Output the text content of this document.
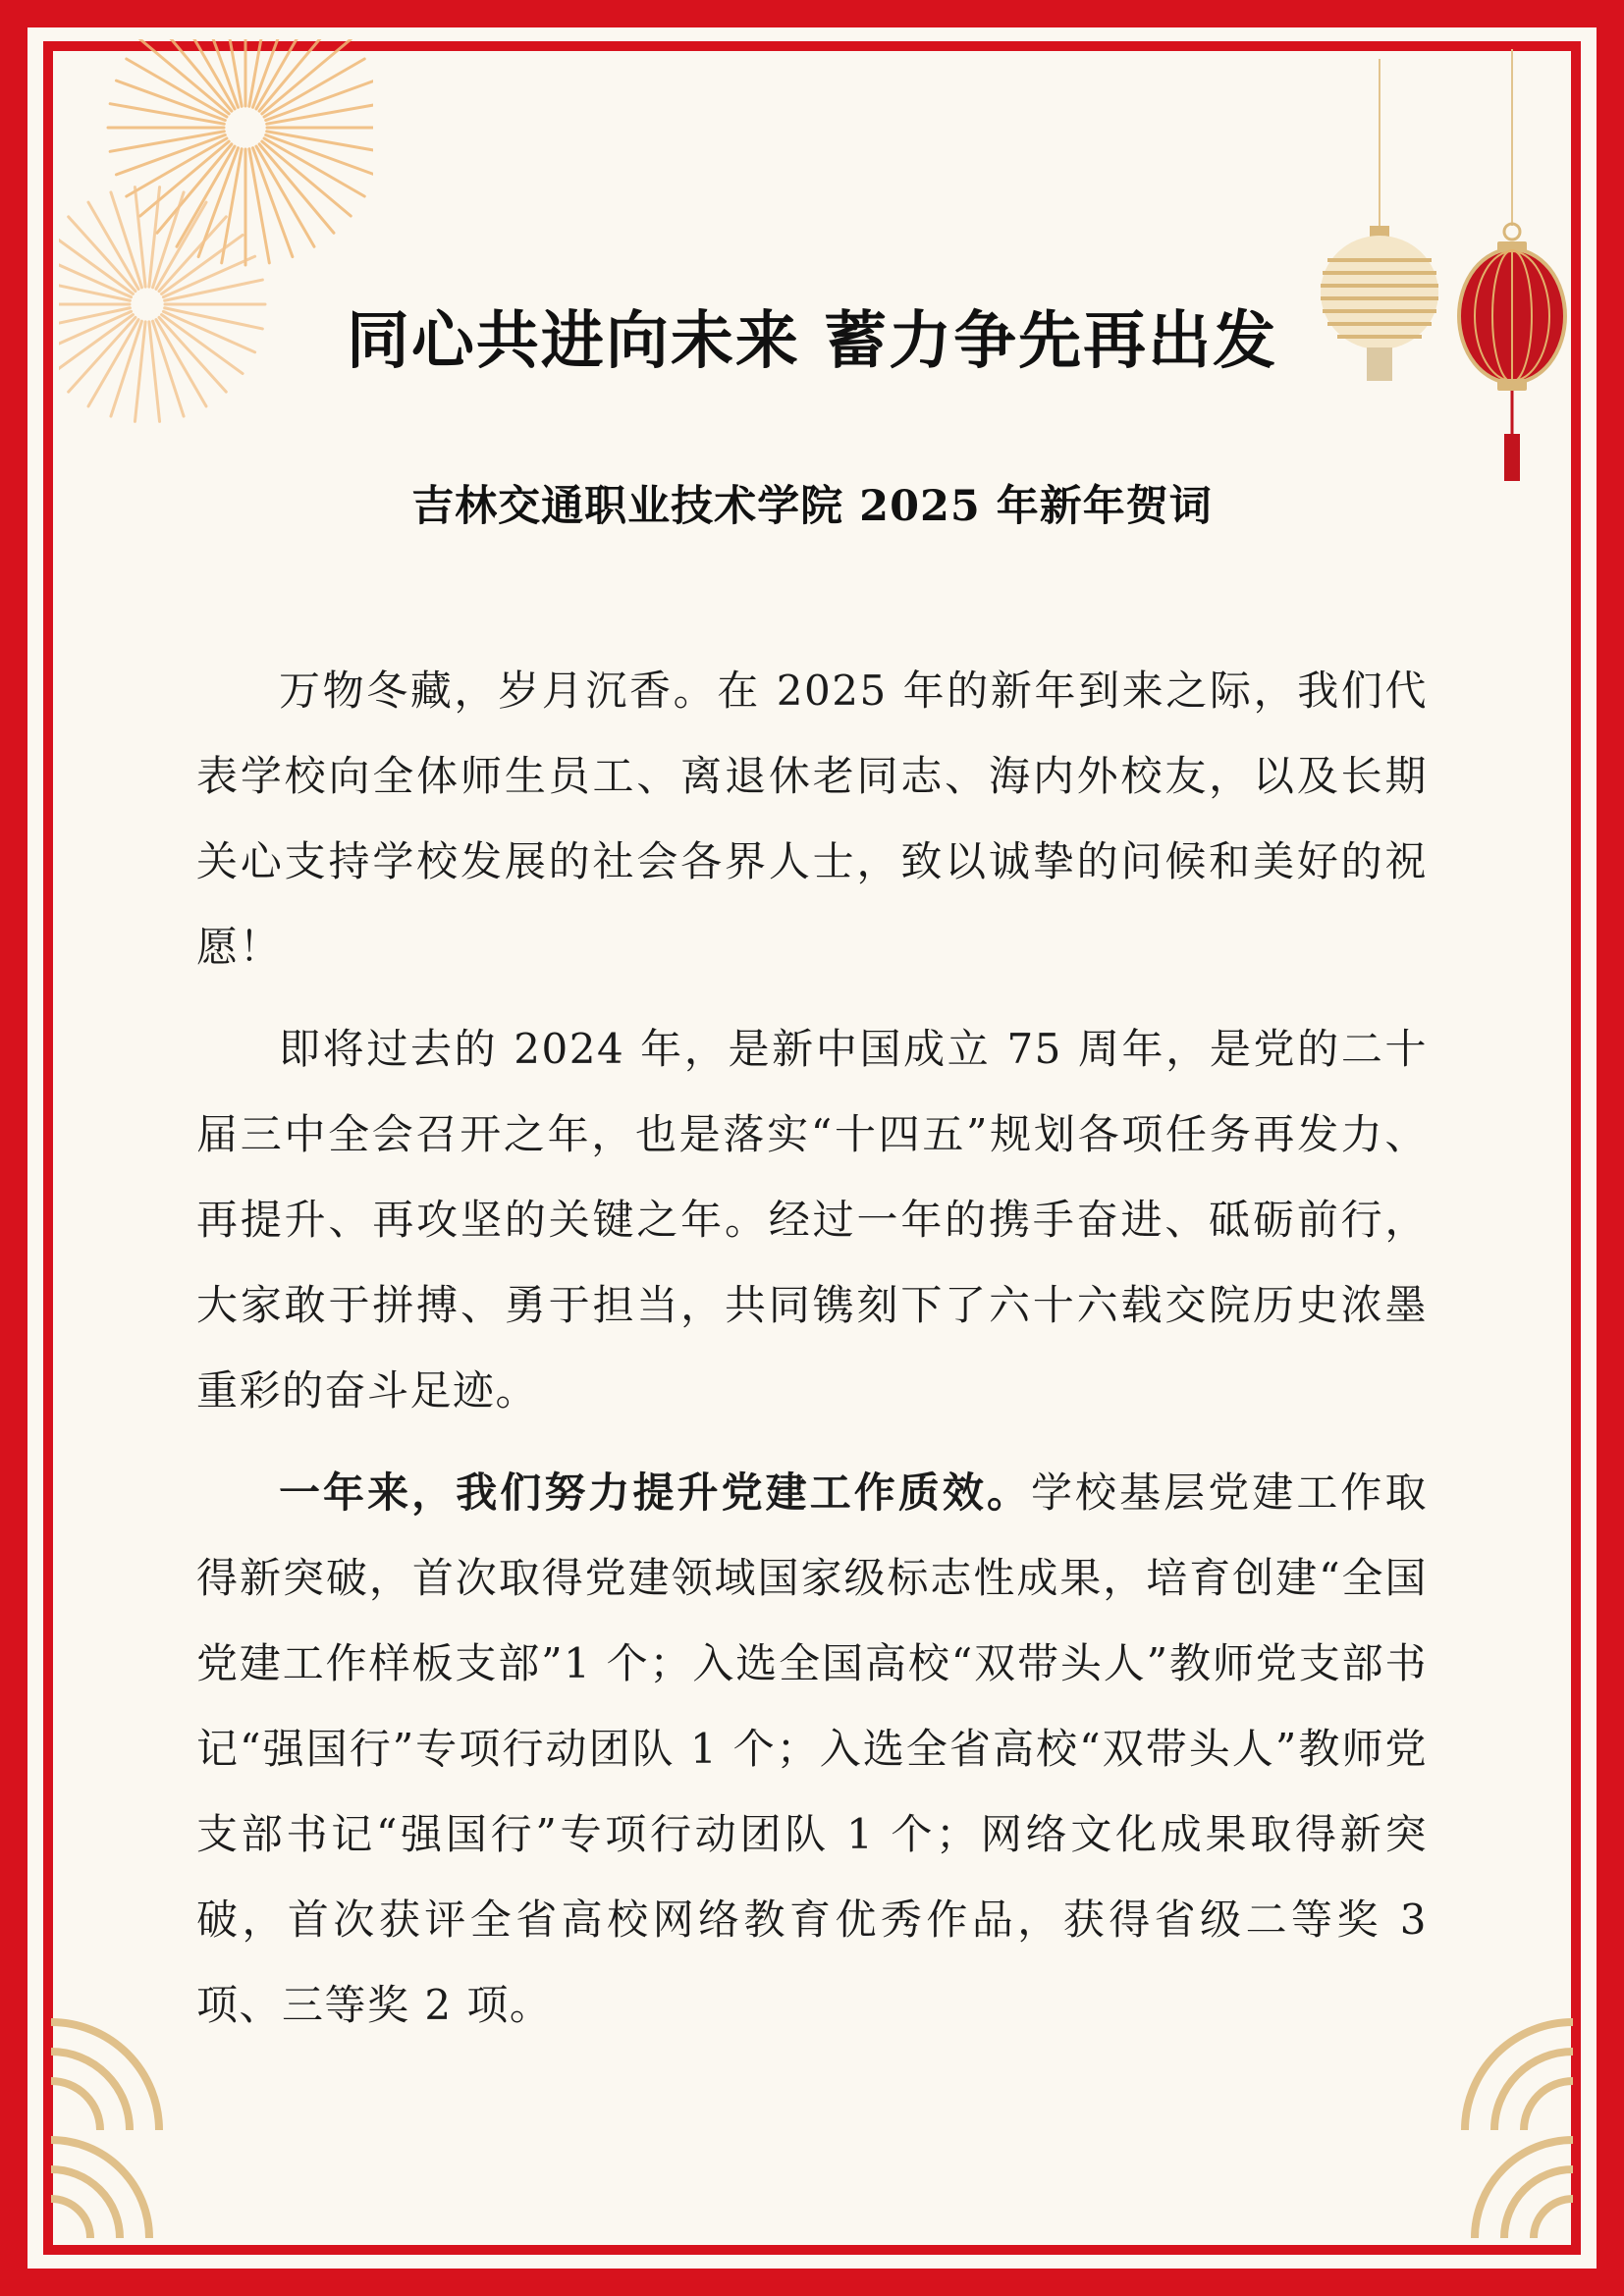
同心共进向未来 蓄力争先再出发
吉林交通职业技术学院 2025 年新年贺词

万物冬藏，岁月沉香。在 2025 年的新年到来之际，我们代表学校向全体师生员工、离退休老同志、海内外校友，以及长期关心支持学校发展的社会各界人士，致以诚挚的问候和美好的祝愿！

即将过去的 2024 年，是新中国成立 75 周年，是党的二十届三中全会召开之年，也是落实“十四五”规划各项任务再发力、再提升、再攻坚的关键之年。经过一年的携手奋进、砥砺前行，大家敢于拼搏、勇于担当，共同镌刻下了六十六载交院历史浓墨重彩的奋斗足迹。

一年来，我们努力提升党建工作质效。学校基层党建工作取得新突破，首次取得党建领域国家级标志性成果，培育创建“全国党建工作样板支部”1 个；入选全国高校“双带头人”教师党支部书记“强国行”专项行动团队 1 个；入选全省高校“双带头人”教师党支部书记“强国行”专项行动团队 1 个；网络文化成果取得新突破，首次获评全省高校网络教育优秀作品，获得省级二等奖 3 项、三等奖 2 项。
